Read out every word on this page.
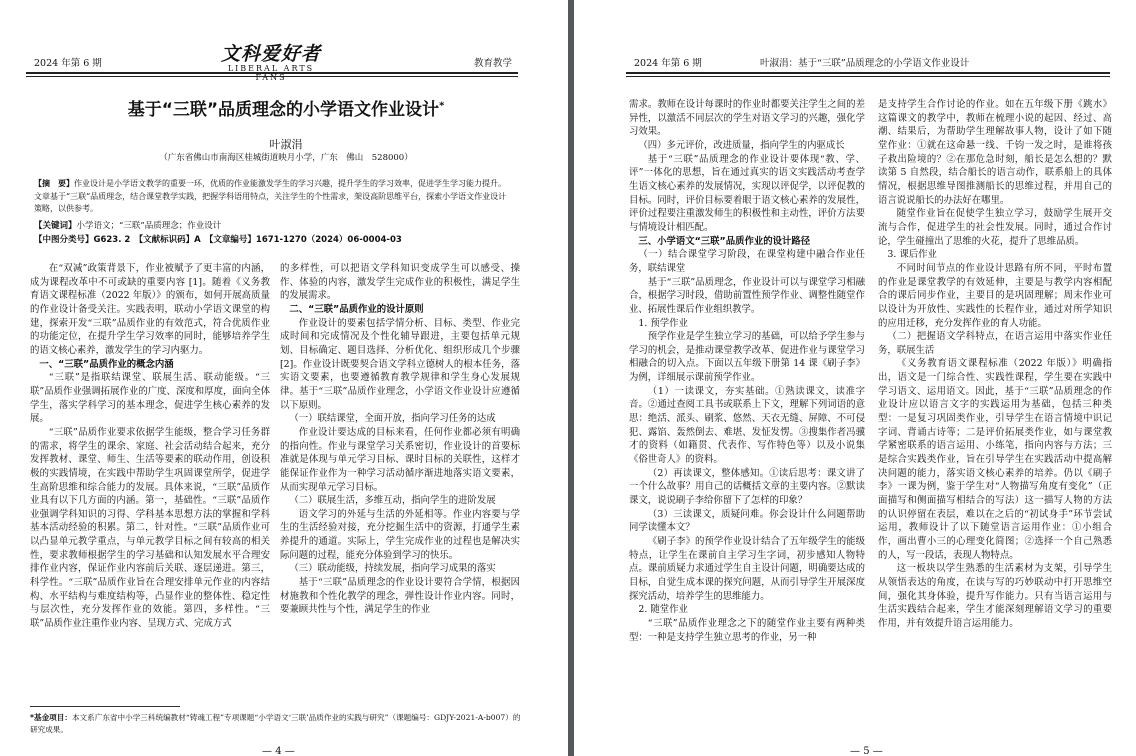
2024 年第 6 期	文科爱好者
LIBERAL ARTS FANS
教育教学
基于“三联”品质理念的小学语文作业设计*
叶淑涓
（广东省佛山市南海区桂城街道映月小学，广东　佛山　528000）
【摘　要】作业设计是小学语文教学的重要一环，优质的作业能激发学生的学习兴趣，提升学生的学习效率，促进学生学习能力提升。文章基于“三联”品质理念，结合课堂教学实践，把握学科语用特点，关注学生的个性需求，架设高阶思维平台，探索小学语文作业设计策略，以供参考。
【关键词】小学语文；“三联”品质理念；作业设计
【中图分类号】G623. 2　【文献标识码】A　【文章编号】1671-1270（2024）06-0004-03

在“双减”政策背景下，作业被赋予了更丰富的内涵，成为课程改革中不可或缺的重要内容 [1]。随着《义务教育语文课程标准（2022 年版）》的颁布，如何开展高质量的作业设计备受关注。实践表明，联动小学语文课堂的构建，探索开发“三联”品质作业的有效范式，符合优质作业的功能定位，在提升学生学习效率的同时，能够培养学生的语文核心素养，激发学生的学习内驱力。

一、“三联”品质作业的概念内涵

“三联”是指联结课堂、联展生活、联动能级。“三联”品质作业强调拓展作业的广度、深度和厚度，面向全体学生，落实学科学习的基本理念，促进学生核心素养的发展。

“三联”品质作业要求依据学生能级，整合学习任务群的需求，将学生的课余、家庭、社会活动结合起来，充分发挥教材、课堂、师生、生活等要素的联动作用，创设积极的实践情境，在实践中帮助学生巩固课堂所学，促进学生高阶思维和综合能力的发展。具体来说，“三联”品质作业具有以下几方面的内涵。第一，基础性。“三联”品质作业强调学科知识的习得、学科基本思想方法的掌握和学科基本活动经验的积累。第二，针对性。“三联”品质作业可以凸显单元教学重点，与单元教学目标之间有较高的相关性，要求教师根据学生的学习基础和认知发展水平合理安排作业内容，保证作业内容前后关联、逐层递进。第三，科学性。“三联”品质作业旨在合理安排单元作业的内容结构、水平结构与难度结构等，凸显作业的整体性、稳定性与层次性，充分发挥作业的效能。第四，多样性。“三联”品质作业注重作业内容、呈现方式、完成方式

的多样性，可以把语文学科知识变成学生可以感受、操作、体验的内容，激发学生完成作业的积极性，满足学生的发展需求。

二、“三联”品质作业的设计原则

作业设计的要素包括学情分析、目标、类型、作业完成时间和完成情况及个性化辅导跟进，主要包括单元规划、目标确定、题目选择、分析优化、组织形成几个步骤 [2]。作业设计既要契合语文学科立德树人的根本任务，落实语文要素，也要遵循教育教学规律和学生身心发展规律。基于“三联”品质作业理念，小学语文作业设计应遵循以下原则。

（一）联结课堂，全面开放，指向学习任务的达成

作业设计要达成的目标来看，任何作业都必须有明确的指向性。作业与课堂学习关系密切，作业设计的首要标准就是体现与单元学习目标、课时目标的关联性，这样才能保证作业作为一种学习活动循序渐进地落实语文要素，从而实现单元学习目标。

（二）联展生活，多维互动，指向学生的进阶发展

语文学习的外延与生活的外延相等。作业内容要与学生的生活经验对接，充分挖掘生活中的资源，打通学生素养提升的通道。实际上，学生完成作业的过程也是解决实际问题的过程，能充分体验到学习的快乐。

（三）联动能级，持续发展，指向学习成果的落实

基于“三联”品质理念的作业设计要符合学情，根据因材施教和个性化教学的理念，弹性设计作业内容。同时，要兼顾共性与个性，满足学生的作业

*基金项目：本文系广东省中小学三科统编教材“铸魂工程”专项课题“小学语文‘三联’品质作业的实践与研究”（课题编号：GDJY-2021-A-b007）的研究成果。
— 4 —
2024 年第 6 期	叶淑涓：基于“三联”品质理念的小学语文作业设计

需求。教师在设计每课时的作业时都要关注学生之间的差异性，以激活不同层次的学生对语文学习的兴趣，强化学习效果。

（四）多元评价，改进质量，指向学生的内驱成长

基于“三联”品质理念的作业设计要体现“教、学、评”一体化的思想，旨在通过真实的语文实践活动考查学生语文核心素养的发展情况，实现以评促学，以评促教的目标。同时，评价目标要着眼于语文核心素养的发展性，评价过程要注重激发师生的积极性和主动性，评价方法要与情境设计相匹配。

三、小学语文“三联”品质作业的设计路径

（一）结合课堂学习阶段，在课堂构建中融合作业任务，联结课堂

基于“三联”品质理念，作业设计可以与课堂学习相融合，根据学习时段，借助前置性预学作业、调整性随堂作业、拓展性课后作业组织教学。

1. 预学作业

预学作业是学生独立学习的基础，可以给予学生参与学习的机会，是推动课堂教学改革、促进作业与课堂学习相融合的切入点。下面以五年级下册第 14 课《刷子李》为例，详细展示课前预学作业。

（1）一读课文，夯实基础。①熟读课文，读准字音。②通过查阅工具书或联系上下文，理解下列词语的意思：绝活、派头、刷浆、悠然、天衣无缝、屏障、不可侵犯、露馅、轰然倒去、难堪、发怔发愣。③搜集作者冯骥才的资料（如籍贯、代表作、写作特色等）以及小说集《俗世奇人》的资料。

（2）再读课文，整体感知。①读后思考：课文讲了一个什么故事？用自己的话概括文章的主要内容。②默读课文，说说刷子李给你留下了怎样的印象？

（3）三读课文，质疑问难。你会设计什么问题帮助同学读懂本文？

《刷子李》的预学作业设计结合了五年级学生的能级特点，让学生在课前自主学习生字词，初步感知人物特点。课前质疑力求通过学生自主设计问题，明确要达成的目标，自觉生成本课的探究问题，从而引导学生开展深度探究活动，培养学生的思维能力。

2. 随堂作业

“三联”品质作业理念之下的随堂作业主要有两种类型：一种是支持学生独立思考的作业，另一种

是支持学生合作讨论的作业。如在五年级下册《跳水》这篇课文的教学中，教师在梳理小说的起因、经过、高潮、结果后，为帮助学生理解故事人物，设计了如下随堂作业：①就在这命悬一线、千钧一发之时，是谁将孩子救出险境的？②在那危急时刻，船长是怎么想的？默读第 5 自然段，结合船长的语言动作，联系船上的具体情况，根据思维导图推测船长的思维过程，并用自己的语言说说船长的办法好在哪里。

随堂作业旨在促使学生独立学习，鼓励学生展开交流与合作，促进学生的社会性发展。同时，通过合作讨论，学生碰撞出了思维的火花，提升了思维品质。

3. 课后作业

不同时间节点的作业设计思路有所不同，平时布置的作业是课堂教学的有效延伸，主要是与教学内容相配合的课后同步作业，主要目的是巩固理解；周末作业可以设计为开放性、实践性的长程作业，通过对所学知识的应用迁移，充分发挥作业的育人功能。

（二）把握语文学科特点，在语言运用中落实作业任务，联展生活

《义务教育语文课程标准（2022 年版）》明确指出，语文是一门综合性、实践性课程，学生要在实践中学习语文、运用语文。因此，基于“三联”品质理念的作业设计应以语言文字的实践运用为基础，包括三种类型：一是复习巩固类作业，引导学生在语言情境中识记字词、背诵古诗等；二是评价拓展类作业，如与课堂教学紧密联系的语言运用、小练笔，指向内容与方法；三是综合实践类作业，旨在引导学生在实践活动中提高解决问题的能力，落实语文核心素养的培养。仍以《刷子李》一课为例，鉴于学生对“人物描写角度有变化”（正面描写和侧面描写相结合的写法）这一描写人物的方法的认识停留在表层，难以在之后的“初试身手”环节尝试运用，教师设计了以下随堂语言运用作业：①小组合作，画出曹小三的心理变化简图；②选择一个自己熟悉的人，写一段话，表现人物特点。

这一板块以学生熟悉的生活素材为支架，引导学生从领悟表达的角度，在读与写的巧妙联动中打开思维空间，强化其身体验，提升写作能力。只有当语言运用与生活实践结合起来，学生才能深刻理解语文学习的重要作用，并有效提升语言运用能力。

— 5 —
